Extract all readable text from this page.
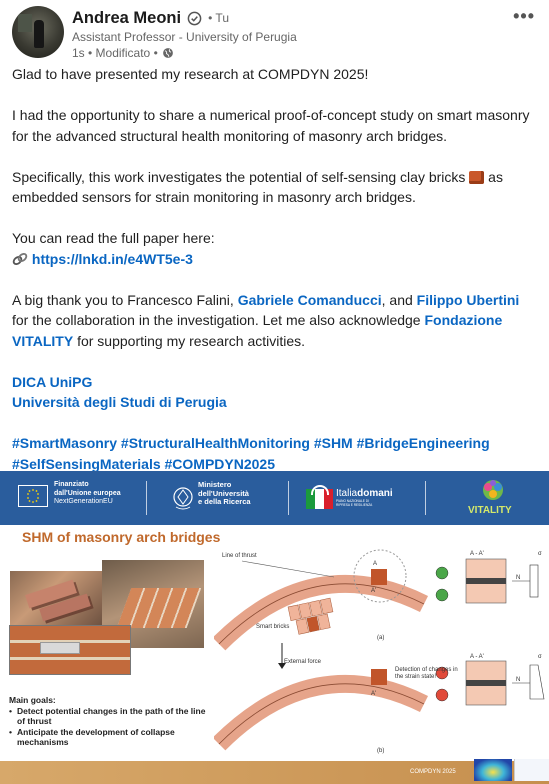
Andrea Meoni • Tu
Assistant Professor - University of Perugia
1s • Modificato •
•••

Glad to have presented my research at COMPDYN 2025!

I had the opportunity to share a numerical proof-of-concept study on smart masonry for the advanced structural health monitoring of masonry arch bridges.

Specifically, this work investigates the potential of self-sensing clay bricks as embedded sensors for strain monitoring in masonry arch bridges.

You can read the full paper here:

https://lnkd.in/e4WT5e-3

A big thank you to Francesco Falini, Gabriele Comanducci, and Filippo Ubertini for the collaboration in the investigation. Let me also acknowledge Fondazione VITALITY for supporting my research activities.

DICA UniPG

Università degli Studi di Perugia

#SmartMasonry #StructuralHealthMonitoring #SHM #BridgeEngineering

#SelfSensingMaterials #COMPDYN2025

Finanziato
dall'Unione europea
NextGenerationEU
Ministero
dell'Università
e della Ricerca
Italiadomani
PIANO NAZIONALE DI RIPRESA E RESILIENZA	VITALITY
SHM of masonry arch bridges
Main goals:
• Detect potential changes in the path of the line of thrust
• Anticipate the development of collapse mechanisms
Line of thrust
Smart bricks
A
A'
A - A'	σ
N
(a)
External force
Detection of changes in the strain state!
A'
A - A'	σ
N
(b)
COMPDYN 2025
